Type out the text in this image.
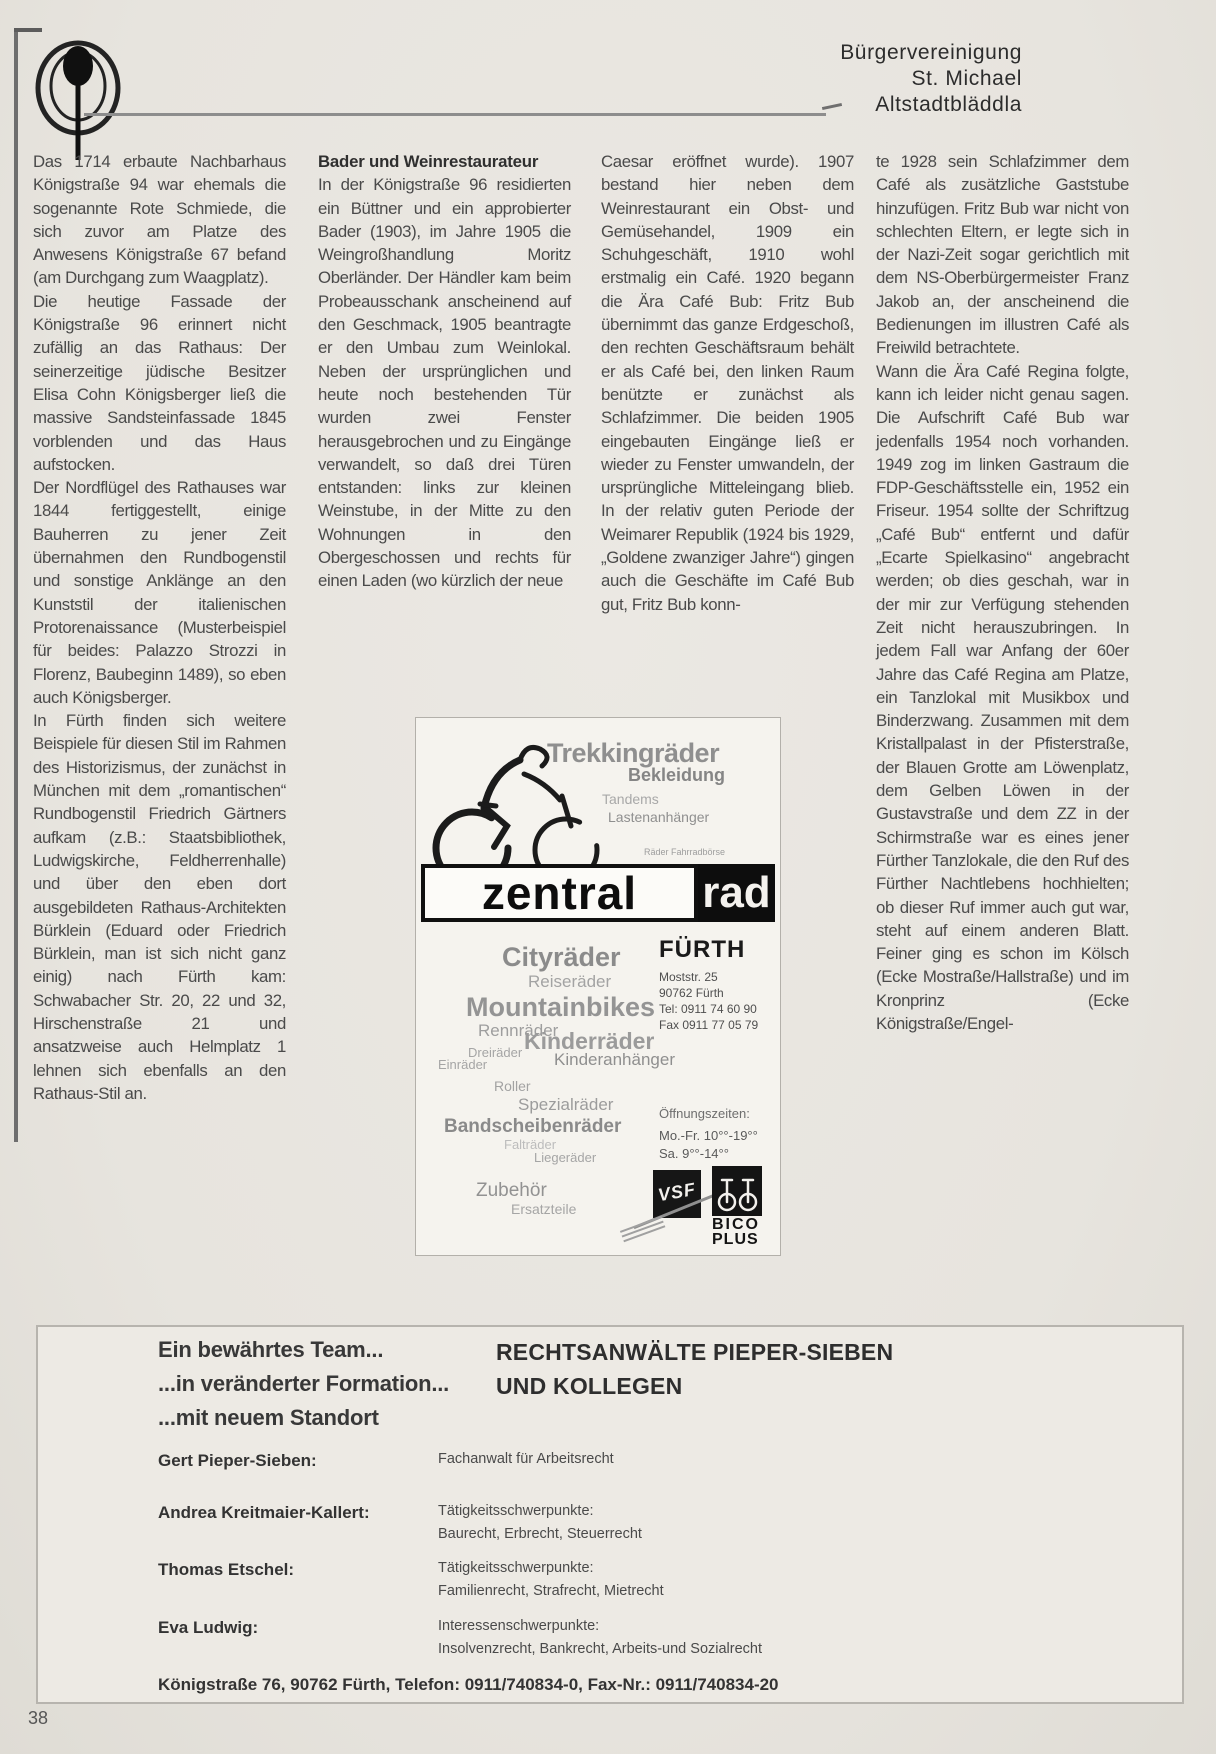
Bürgervereinigung
St. Michael
Altstadtbläddla

Das 1714 erbaute Nachbarhaus Königstraße 94 war ehemals die sogenannte Rote Schmiede, die sich zuvor am Platze des Anwesens Königstraße 67 befand (am Durchgang zum Waagplatz).

Die heutige Fassade der Königstraße 96 erinnert nicht zufällig an das Rathaus: Der seinerzeitige jüdische Besitzer Elisa Cohn Königsberger ließ die massive Sandsteinfassade 1845 vorblenden und das Haus aufstocken.

Der Nordflügel des Rathauses war 1844 fertiggestellt, einige Bauherren zu jener Zeit übernahmen den Rundbogenstil und sonstige Anklänge an den Kunststil der italienischen Protorenaissance (Musterbeispiel für beides: Palazzo Strozzi in Florenz, Baubeginn 1489), so eben auch Königsberger.

In Fürth finden sich weitere Beispiele für diesen Stil im Rahmen des Historizismus, der zunächst in München mit dem „romantischen“ Rundbogenstil Friedrich Gärtners aufkam (z.B.: Staatsbibliothek, Ludwigskirche, Feldherrenhalle) und über den eben dort ausgebildeten Rathaus-Architekten Bürklein (Eduard oder Friedrich Bürklein, man ist sich nicht ganz einig) nach Fürth kam: Schwabacher Str. 20, 22 und 32, Hirschenstraße 21 und ansatzweise auch Helmplatz 1 lehnen sich ebenfalls an den Rathaus-Stil an.

Bader und Weinrestaurateur

In der Königstraße 96 residierten ein Büttner und ein approbierter Bader (1903), im Jahre 1905 die Weingroßhandlung Moritz Oberländer. Der Händler kam beim Probeausschank anscheinend auf den Geschmack, 1905 beantragte er den Umbau zum Weinlokal. Neben der ursprünglichen und heute noch bestehenden Tür wurden zwei Fenster herausgebrochen und zu Eingänge verwandelt, so daß drei Türen entstanden: links zur kleinen Weinstube, in der Mitte zu den Wohnungen in den Obergeschossen und rechts für einen Laden (wo kürzlich der neue

Caesar eröffnet wurde). 1907 bestand hier neben dem Weinrestaurant ein Obst- und Gemüsehandel, 1909 ein Schuhgeschäft, 1910 wohl erstmalig ein Café. 1920 begann die Ära Café Bub: Fritz Bub übernimmt das ganze Erdgeschoß, den rechten Geschäftsraum behält er als Café bei, den linken Raum benützte er zunächst als Schlafzimmer. Die beiden 1905 eingebauten Eingänge ließ er wieder zu Fenster umwandeln, der ursprüngliche Mitteleingang blieb. In der relativ guten Periode der Weimarer Republik (1924 bis 1929, „Goldene zwanziger Jahre“) gingen auch die Geschäfte im Café Bub gut, Fritz Bub konn-

te 1928 sein Schlafzimmer dem Café als zusätzliche Gaststube hinzufügen. Fritz Bub war nicht von schlechten Eltern, er legte sich in der Nazi-Zeit sogar gerichtlich mit dem NS-Oberbürgermeister Franz Jakob an, der anscheinend die Bedienungen im illustren Café als Freiwild betrachtete.

Wann die Ära Café Regina folgte, kann ich leider nicht genau sagen. Die Aufschrift Café Bub war jedenfalls 1954 noch vorhanden. 1949 zog im linken Gastraum die FDP-Geschäftsstelle ein, 1952 ein Friseur. 1954 sollte der Schriftzug „Café Bub“ entfernt und dafür „Ecarte Spielkasino“ angebracht werden; ob dies geschah, war in der mir zur Verfügung stehenden Zeit nicht herauszubringen. In jedem Fall war Anfang der 60er Jahre das Café Regina am Platze, ein Tanzlokal mit Musikbox und Binderzwang. Zusammen mit dem Kristallpalast in der Pfisterstraße, der Blauen Grotte am Löwenplatz, dem Gelben Löwen in der Gustavstraße und dem ZZ in der Schirmstraße war es eines jener Fürther Tanzlokale, die den Ruf des Fürther Nachtlebens hochhielten; ob dieser Ruf immer auch gut war, steht auf einem anderen Blatt. Feiner ging es schon im Kölsch (Ecke Mostraße/Hallstraße) und im Kronprinz (Ecke Königstraße/Engel-

Trekkingräder
Bekleidung
Tandems
Lastenanhänger
Räder Fahrradbörse
zentral rad
Cityräder
Reiseräder
Mountainbikes
Rennräder
Kinderräder
Dreiräder
Einräder	Kinderanhänger
Roller
Spezialräder
Bandscheibenräder
Falträder
Liegeräder
Zubehör
Ersatzteile
FÜRTH
Moststr. 25
90762 Fürth
Tel: 0911 74 60 90
Fax 0911 77 05 79
Öffnungszeiten:
Mo.-Fr. 10°°-19°°
Sa. 9°°-14°°
VSF
BICO
PLUS
Ein bewährtes Team...
...in veränderter Formation...
...mit neuem Standort
RECHTSANWÄLTE PIEPER-SIEBEN
UND KOLLEGEN
Gert Pieper-Sieben:	Fachanwalt für Arbeitsrecht
Andrea Kreitmaier-Kallert:	Tätigkeitsschwerpunkte:
Baurecht, Erbrecht, Steuerrecht
Thomas Etschel:	Tätigkeitsschwerpunkte:
Familienrecht, Strafrecht, Mietrecht
Eva Ludwig:	Interessenschwerpunkte:
Insolvenzrecht, Bankrecht, Arbeits-und Sozialrecht
Königstraße 76, 90762 Fürth, Telefon: 0911/740834-0, Fax-Nr.: 0911/740834-20
38
